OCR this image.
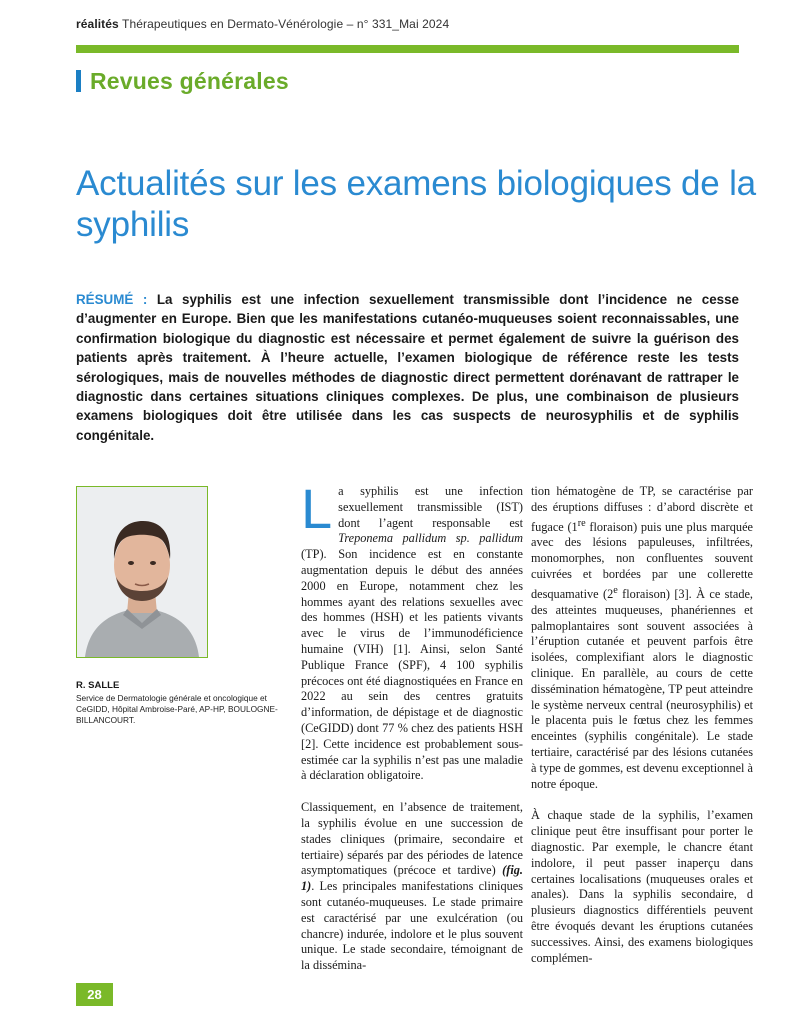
réalités Thérapeutiques en Dermato-Vénérologie – n° 331_Mai 2024
Revues générales
Actualités sur les examens biologiques de la syphilis
RÉSUMÉ : La syphilis est une infection sexuellement transmissible dont l’incidence ne cesse d’augmenter en Europe. Bien que les manifestations cutanéo-muqueuses soient reconnaissables, une confirmation biologique du diagnostic est nécessaire et permet également de suivre la guérison des patients après traitement. À l’heure actuelle, l’examen biologique de référence reste les tests sérologiques, mais de nouvelles méthodes de diagnostic direct permettent dorénavant de rattraper le diagnostic dans certaines situations cliniques complexes. De plus, une combinaison de plusieurs examens biologiques doit être utilisée dans les cas suspects de neurosyphilis et de syphilis congénitale.
R. SALLE
Service de Dermatologie générale et oncologique et CeGIDD, Hôpital Ambroise-Paré, AP-HP, BOULOGNE-BILLANCOURT.

La syphilis est une infection sexuellement transmissible (IST) dont l’agent responsable est Treponema pallidum sp. pallidum (TP). Son incidence est en constante augmentation depuis le début des années 2000 en Europe, notamment chez les hommes ayant des relations sexuelles avec des hommes (HSH) et les patients vivants avec le virus de l’immunodéficience humaine (VIH) [1]. Ainsi, selon Santé Publique France (SPF), 4 100 syphilis précoces ont été diagnostiquées en France en 2022 au sein des centres gratuits d’information, de dépistage et de diagnostic (CeGIDD) dont 77 % chez des patients HSH [2]. Cette incidence est probablement sous-estimée car la syphilis n’est pas une maladie à déclaration obligatoire.

Classiquement, en l’absence de traitement, la syphilis évolue en une succession de stades cliniques (primaire, secondaire et tertiaire) séparés par des périodes de latence asymptomatiques (précoce et tardive) (fig. 1). Les principales manifestations cliniques sont cutanéo-muqueuses. Le stade primaire est caractérisé par une exulcération (ou chancre) indurée, indolore et le plus souvent unique. Le stade secondaire, témoignant de la dissémina-

tion hématogène de TP, se caractérise par des éruptions diffuses : d’abord discrète et fugace (1re floraison) puis une plus marquée avec des lésions papuleuses, infiltrées, monomorphes, non confluentes souvent cuivrées et bordées par une collerette desquamative (2e floraison) [3]. À ce stade, des atteintes muqueuses, phanériennes et palmoplantaires sont souvent associées à l’éruption cutanée et peuvent parfois être isolées, complexifiant alors le diagnostic clinique. En parallèle, au cours de cette dissémination hématogène, TP peut atteindre le système nerveux central (neurosyphilis) et le placenta puis le fœtus chez les femmes enceintes (syphilis congénitale). Le stade tertiaire, caractérisé par des lésions cutanées à type de gommes, est devenu exceptionnel à notre époque.

À chaque stade de la syphilis, l’examen clinique peut être insuffisant pour porter le diagnostic. Par exemple, le chancre étant indolore, il peut passer inaperçu dans certaines localisations (muqueuses orales et anales). Dans la syphilis secondaire, d plusieurs diagnostics différentiels peuvent être évoqués devant les éruptions cutanées successives. Ainsi, des examens biologiques complémen-

28
